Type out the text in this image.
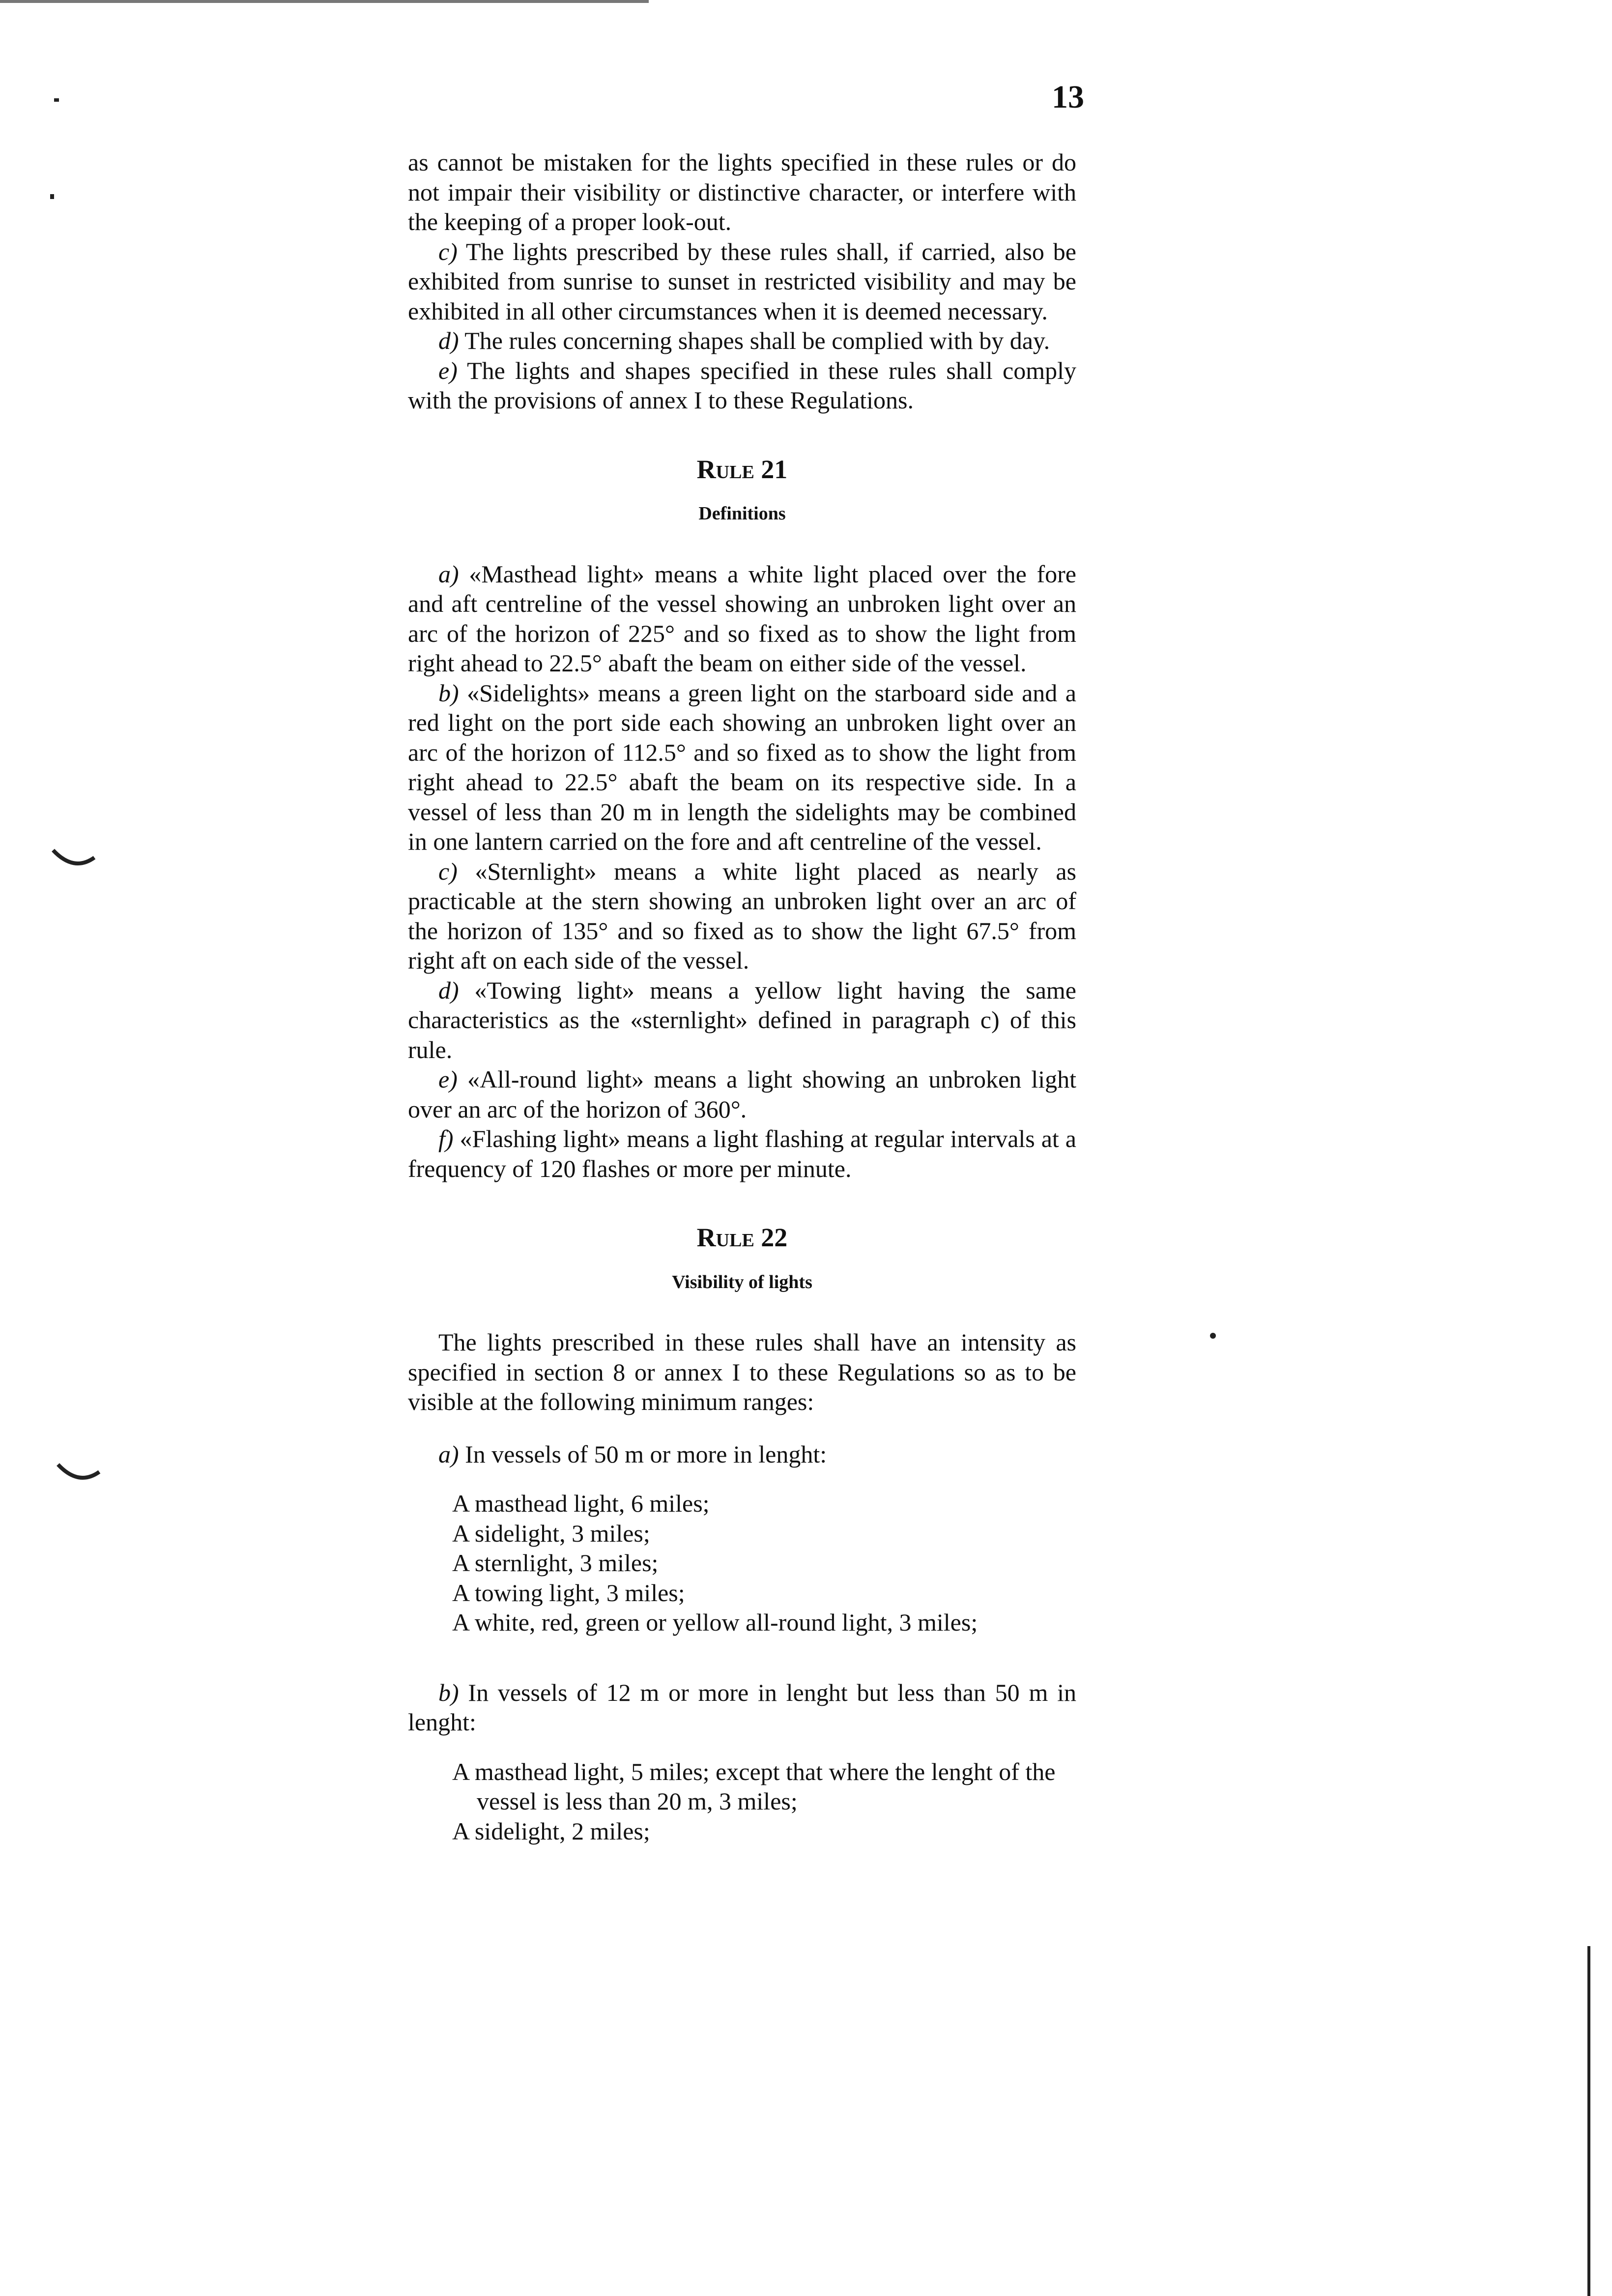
13

as cannot be mistaken for the lights specified in these rules or do not impair their visibility or distinctive character, or interfere with the keeping of a proper look-out.

c) The lights prescribed by these rules shall, if carried, also be exhibited from sunrise to sunset in restricted visibility and may be exhibited in all other circumstances when it is deemed necessary.

d) The rules concerning shapes shall be complied with by day.

e) The lights and shapes specified in these rules shall comply with the provisions of annex I to these Regulations.

Rule 21
Definitions

a) «Masthead light» means a white light placed over the fore and aft centreline of the vessel showing an unbroken light over an arc of the horizon of 225° and so fixed as to show the light from right ahead to 22.5° abaft the beam on either side of the vessel.

b) «Sidelights» means a green light on the starboard side and a red light on the port side each showing an unbroken light over an arc of the horizon of 112.5° and so fixed as to show the light from right ahead to 22.5° abaft the beam on its respective side. In a vessel of less than 20 m in length the sidelights may be combined in one lantern carried on the fore and aft centreline of the vessel.

c) «Sternlight» means a white light placed as nearly as practicable at the stern showing an unbroken light over an arc of the horizon of 135° and so fixed as to show the light 67.5° from right aft on each side of the vessel.

d) «Towing light» means a yellow light having the same characteristics as the «sternlight» defined in paragraph c) of this rule.

e) «All-round light» means a light showing an unbroken light over an arc of the horizon of 360°.

f) «Flashing light» means a light flashing at regular intervals at a frequency of 120 flashes or more per minute.

Rule 22
Visibility of lights

The lights prescribed in these rules shall have an intensity as specified in section 8 or annex I to these Regulations so as to be visible at the following minimum ranges:

a) In vessels of 50 m or more in lenght:

A masthead light, 6 miles;
A sidelight, 3 miles;
A sternlight, 3 miles;
A towing light, 3 miles;
A white, red, green or yellow all-round light, 3 miles;

b) In vessels of 12 m or more in lenght but less than 50 m in lenght:

A masthead light, 5 miles; except that where the lenght of the vessel is less than 20 m, 3 miles;
A sidelight, 2 miles;
